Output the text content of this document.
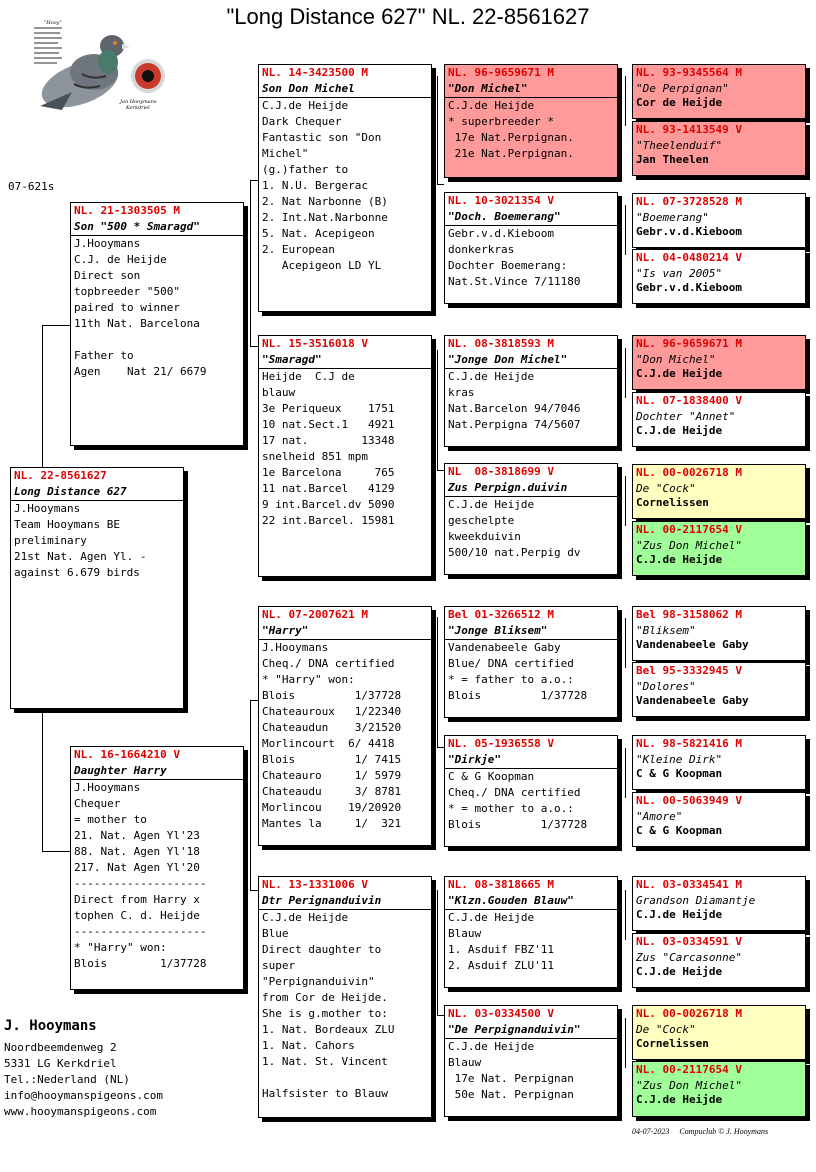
"Long Distance 627" NL. 22-8561627
"Hooy"
Jan Hooymans
Kerkdriel
07-621s
NL. 22-8561627
Long Distance 627
J.Hooymans
Team Hooymans BE
preliminary
21st Nat. Agen Yl. -
against 6.679 birds
NL. 21-1303505 M
Son "500 * Smaragd"
J.Hooymans
C.J. de Heijde
Direct son
topbreeder "500"
paired to winner
11th Nat. Barcelona

Father to
Agen    Nat 21/ 6679
NL. 16-1664210 V
Daughter Harry
J.Hooymans
Chequer
= mother to
21. Nat. Agen Yl'23
88. Nat. Agen Yl'18
217. Nat Agen Yl'20
--------------------
Direct from Harry x
tophen C. d. Heijde
--------------------
* "Harry" won:
Blois        1/37728
NL. 14-3423500 M
Son Don Michel
C.J.de Heijde
Dark Chequer
Fantastic son "Don
Michel"
(g.)father to
1. N.U. Bergerac
2. Nat Narbonne (B)
2. Int.Nat.Narbonne
5. Nat. Acepigeon
2. European
Acepigeon LD YL
NL. 15-3516018 V
"Smaragd"
Heijde  C.J de
blauw
3e Periqueux    1751
10 nat.Sect.1   4921
17 nat.        13348
snelheid 851 mpm
1e Barcelona     765
11 nat.Barcel   4129
9 int.Barcel.dv 5090
22 int.Barcel. 15981
NL. 07-2007621 M
"Harry"
J.Hooymans
Cheq./ DNA certified
* "Harry" won:
Blois         1/37728
Chateauroux   1/22340
Chateaudun    3/21520
Morlincourt  6/ 4418
Blois         1/ 7415
Chateauro     1/ 5979
Chateaudu     3/ 8781
Morlincou    19/20920
Mantes la     1/  321
NL. 13-1331006 V
Dtr Perignanduivin
C.J.de Heijde
Blue
Direct daughter to
super
"Perpignanduivin"
from Cor de Heijde.
She is g.mother to:
1. Nat. Bordeaux ZLU
1. Nat. Cahors
1. Nat. St. Vincent

Halfsister to Blauw
NL. 96-9659671 M
"Don Michel"
C.J.de Heijde
* superbreeder *
17e Nat.Perpignan.
21e Nat.Perpignan.
NL. 10-3021354 V
"Doch. Boemerang"
Gebr.v.d.Kieboom
donkerkras
Dochter Boemerang:
Nat.St.Vince 7/11180
NL. 08-3818593 M
"Jonge Don Michel"
C.J.de Heijde
kras
Nat.Barcelon 94/7046
Nat.Perpigna 74/5607
NL  08-3818699 V
Zus Perpign.duivin
C.J.de Heijde
geschelpte
kweekduivin
500/10 nat.Perpig dv
Bel 01-3266512 M
"Jonge Bliksem"
Vandenabeele Gaby
Blue/ DNA certified
* = father to a.o.:
Blois         1/37728
NL. 05-1936558 V
"Dirkje"
C & G Koopman
Cheq./ DNA certified
* = mother to a.o.:
Blois         1/37728
NL. 08-3818665 M
"Klzn.Gouden Blauw"
C.J.de Heijde
Blauw
1. Asduif FBZ'11
2. Asduif ZLU'11
NL. 03-0334500 V
"De Perpignanduivin"
C.J.de Heijde
Blauw
17e Nat. Perpignan
50e Nat. Perpignan
NL. 93-9345564 M
"De Perpignan"
Cor de Heijde
NL. 93-1413549 V
"Theelenduif"
Jan Theelen
NL. 07-3728528 M
"Boemerang"
Gebr.v.d.Kieboom
NL. 04-0480214 V
"Is van 2005"
Gebr.v.d.Kieboom
NL. 96-9659671 M
"Don Michel"
C.J.de Heijde
NL. 07-1838400 V
Dochter "Annet"
C.J.de Heijde
NL. 00-0026718 M
De "Cock"
Cornelissen
NL. 00-2117654 V
"Zus Don Michel"
C.J.de Heijde
Bel 98-3158062 M
"Bliksem"
Vandenabeele Gaby
Bel 95-3332945 V
"Dolores"
Vandenabeele Gaby
NL. 98-5821416 M
"Kleine Dirk"
C & G Koopman
NL. 00-5063949 V
"Amore"
C & G Koopman
NL. 03-0334541 M
Grandson Diamantje
C.J.de Heijde
NL. 03-0334591 V
Zus "Carcasonne"
C.J.de Heijde
NL. 00-0026718 M
De "Cock"
Cornelissen
NL. 00-2117654 V
"Zus Don Michel"
C.J.de Heijde
J. Hooymans
Noordbeemdenweg 2
5331 LG Kerkdriel
Tel.:Nederland (NL)
info@hooymanspigeons.com
www.hooymanspigeons.com
04-07-2023 Compuclub © J. Hooymans
